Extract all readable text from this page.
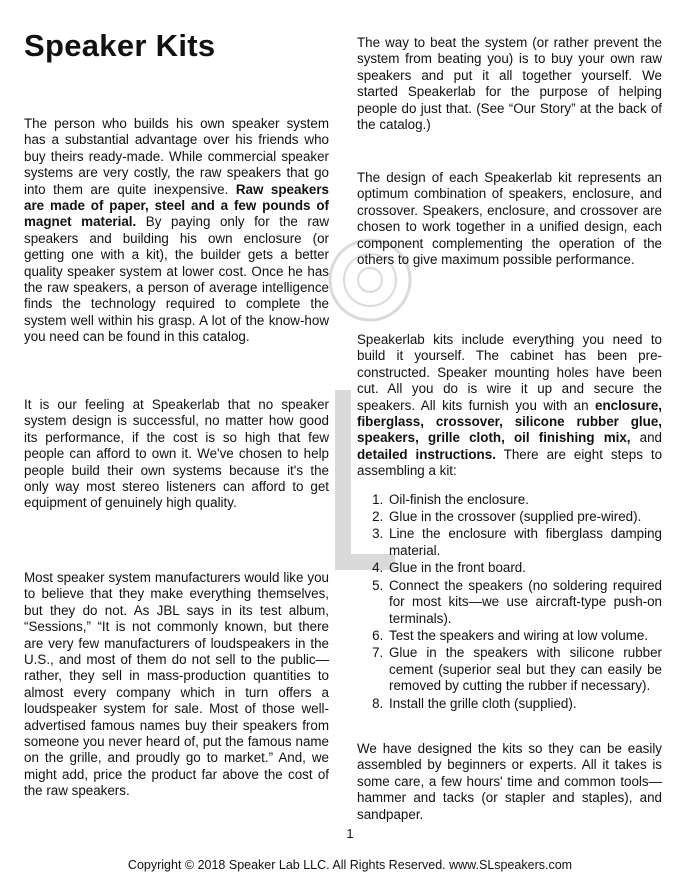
Speaker Kits

The person who builds his own speaker system has a substantial advantage over his friends who buy theirs ready-made. While commercial speaker systems are very costly, the raw speakers that go into them are quite inexpensive. Raw speakers are made of paper, steel and a few pounds of magnet material. By paying only for the raw speakers and building his own enclosure (or getting one with a kit), the builder gets a better quality speaker system at lower cost. Once he has the raw speakers, a person of average intelligence finds the technology required to complete the system well within his grasp. A lot of the know-how you need can be found in this catalog.

It is our feeling at Speakerlab that no speaker system design is successful, no matter how good its performance, if the cost is so high that few people can afford to own it. We've chosen to help people build their own systems because it's the only way most stereo listeners can afford to get equipment of genuinely high quality.

Most speaker system manufacturers would like you to believe that they make everything themselves, but they do not. As JBL says in its test album, “Sessions,” “It is not commonly known, but there are very few manufacturers of loudspeakers in the U.S., and most of them do not sell to the public—rather, they sell in mass-production quantities to almost every company which in turn offers a loudspeaker system for sale. Most of those well-advertised famous names buy their speakers from someone you never heard of, put the famous name on the grille, and proudly go to market.” And, we might add, price the product far above the cost of the raw speakers.

The way to beat the system (or rather prevent the system from beating you) is to buy your own raw speakers and put it all together yourself. We started Speakerlab for the purpose of helping people do just that. (See “Our Story” at the back of the catalog.)

The design of each Speakerlab kit represents an optimum combination of speakers, enclosure, and crossover. Speakers, enclosure, and crossover are chosen to work together in a unified design, each component complementing the operation of the others to give maximum possible performance.

Speakerlab kits include everything you need to build it yourself. The cabinet has been pre-constructed. Speaker mounting holes have been cut. All you do is wire it up and secure the speakers. All kits furnish you with an enclosure, fiberglass, crossover, silicone rubber glue, speakers, grille cloth, oil finishing mix, and detailed instructions. There are eight steps to assembling a kit:

1. Oil-finish the enclosure.
2. Glue in the crossover (supplied pre-wired).
3. Line the enclosure with fiberglass damping material.
4. Glue in the front board.
5. Connect the speakers (no soldering required for most kits—we use aircraft-type push-on terminals).
6. Test the speakers and wiring at low volume.
7. Glue in the speakers with silicone rubber cement (superior seal but they can easily be removed by cutting the rubber if necessary).
8. Install the grille cloth (supplied).

We have designed the kits so they can be easily assembled by beginners or experts. All it takes is some care, a few hours' time and common tools—hammer and tacks (or stapler and staples), and sandpaper.

1
Copyright © 2018 Speaker Lab LLC. All Rights Reserved. www.SLspeakers.com
